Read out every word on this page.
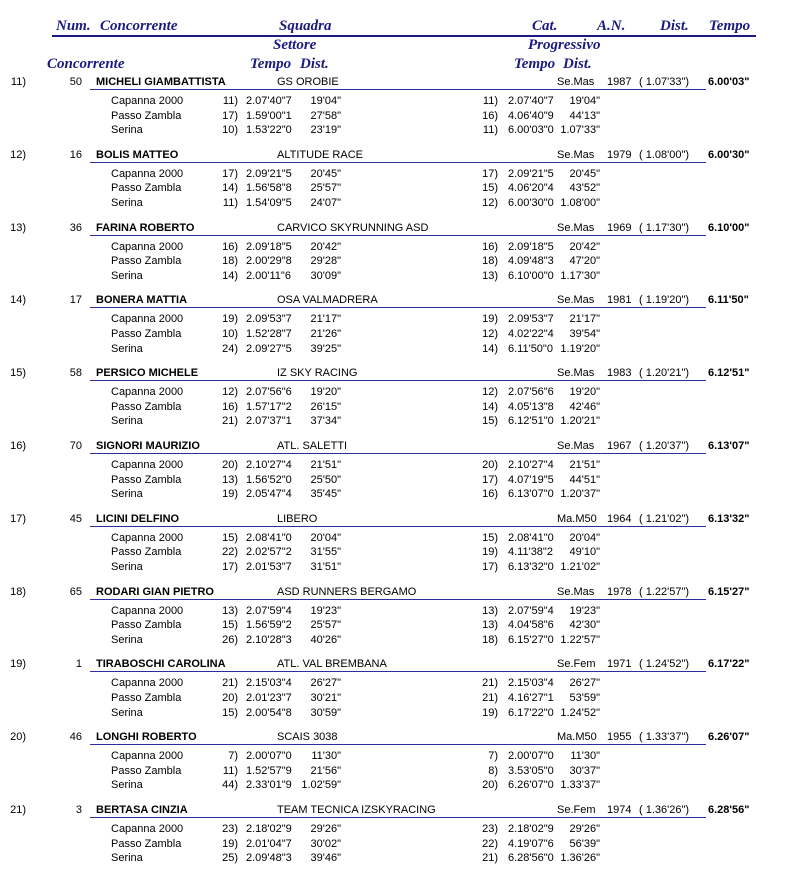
Num. Concorrente	Squadra	Cat.	A.N. Dist. Tempo
Settore	Progressivo
Concorrente	Tempo Dist.	Tempo Dist.
11)	50 MICHELI GIAMBATTISTA	GS OROBIE	Se.Mas 1987 ( 1.07'33") 6.00'03"
Capanna 2000	11) 2.07'40"7	19'04"	11) 2.07'40"7	19'04"
Passo Zambla	17) 1.59'00"1	27'58"	16) 4.06'40"9	44'13"
Serina	10) 1.53'22"0	23'19"	11) 6.00'03"0 1.07'33"
12)	16 BOLIS MATTEO	ALTITUDE RACE	Se.Mas 1979 ( 1.08'00") 6.00'30"
Capanna 2000	17) 2.09'21"5	20'45"	17) 2.09'21"5	20'45"
Passo Zambla	14) 1.56'58"8	25'57"	15) 4.06'20"4	43'52"
Serina	11) 1.54'09"5	24'07"	12) 6.00'30"0 1.08'00"
13)	36 FARINA ROBERTO	CARVICO SKYRUNNING ASD	Se.Mas 1969 ( 1.17'30") 6.10'00"
Capanna 2000	16) 2.09'18"5	20'42"	16) 2.09'18"5	20'42"
Passo Zambla	18) 2.00'29"8	29'28"	18) 4.09'48"3	47'20"
Serina	14) 2.00'11"6	30'09"	13) 6.10'00"0 1.17'30"
14)	17 BONERA MATTIA	OSA VALMADRERA	Se.Mas 1981 ( 1.19'20") 6.11'50"
Capanna 2000	19) 2.09'53"7	21'17"	19) 2.09'53"7	21'17"
Passo Zambla	10) 1.52'28"7	21'26"	12) 4.02'22"4	39'54"
Serina	24) 2.09'27"5	39'25"	14) 6.11'50"0 1.19'20"
15)	58 PERSICO MICHELE	IZ SKY RACING	Se.Mas 1983 ( 1.20'21") 6.12'51"
Capanna 2000	12) 2.07'56"6	19'20"	12) 2.07'56"6	19'20"
Passo Zambla	16) 1.57'17"2	26'15"	14) 4.05'13"8	42'46"
Serina	21) 2.07'37"1	37'34"	15) 6.12'51"0 1.20'21"
16)	70 SIGNORI MAURIZIO	ATL. SALETTI	Se.Mas 1967 ( 1.20'37") 6.13'07"
Capanna 2000	20) 2.10'27"4	21'51"	20) 2.10'27"4	21'51"
Passo Zambla	13) 1.56'52"0	25'50"	17) 4.07'19"5	44'51"
Serina	19) 2.05'47"4	35'45"	16) 6.13'07"0 1.20'37"
17)	45 LICINI DELFINO	LIBERO	Ma.M50 1964 ( 1.21'02") 6.13'32"
Capanna 2000	15) 2.08'41"0	20'04"	15) 2.08'41"0	20'04"
Passo Zambla	22) 2.02'57"2	31'55"	19) 4.11'38"2	49'10"
Serina	17) 2.01'53"7	31'51"	17) 6.13'32"0 1.21'02"
18)	65 RODARI GIAN PIETRO	ASD RUNNERS BERGAMO	Se.Mas 1978 ( 1.22'57") 6.15'27"
Capanna 2000	13) 2.07'59"4	19'23"	13) 2.07'59"4	19'23"
Passo Zambla	15) 1.56'59"2	25'57"	13) 4.04'58"6	42'30"
Serina	26) 2.10'28"3	40'26"	18) 6.15'27"0 1.22'57"
19)	1 TIRABOSCHI CAROLINA	ATL. VAL BREMBANA	Se.Fem 1971 ( 1.24'52") 6.17'22"
Capanna 2000	21) 2.15'03"4	26'27"	21) 2.15'03"4	26'27"
Passo Zambla	20) 2.01'23"7	30'21"	21) 4.16'27"1	53'59"
Serina	15) 2.00'54"8	30'59"	19) 6.17'22"0 1.24'52"
20)	46 LONGHI ROBERTO	SCAIS 3038	Ma.M50 1955 ( 1.33'37") 6.26'07"
Capanna 2000	7) 2.00'07"0	11'30"	7) 2.00'07"0	11'30"
Passo Zambla	11) 1.52'57"9	21'56"	8) 3.53'05"0	30'37"
Serina	44) 2.33'01"9 1.02'59"	20) 6.26'07"0 1.33'37"
21)	3 BERTASA CINZIA	TEAM TECNICA IZSKYRACING	Se.Fem 1974 ( 1.36'26") 6.28'56"
Capanna 2000	23) 2.18'02"9	29'26"	23) 2.18'02"9	29'26"
Passo Zambla	19) 2.01'04"7	30'02"	22) 4.19'07"6	56'39"
Serina	25) 2.09'48"3	39'46"	21) 6.28'56"0 1.36'26"
